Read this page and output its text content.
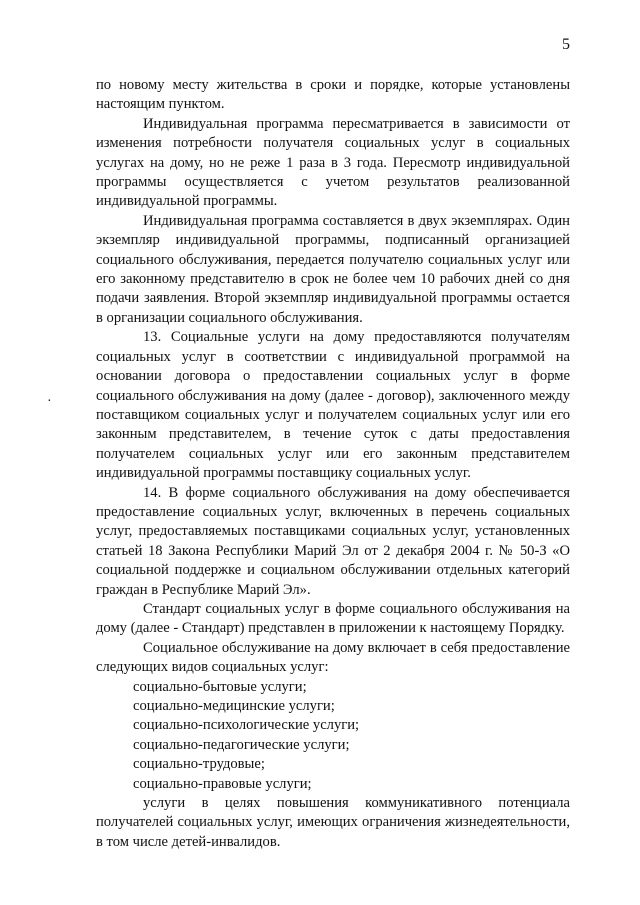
5
·

по новому месту жительства в сроки и порядке, которые установлены настоящим пунктом.

Индивидуальная программа пересматривается в зависимости от изменения потребности получателя социальных услуг в социальных услугах на дому, но не реже 1 раза в 3 года. Пересмотр индивидуальной программы осуществляется с учетом результатов реализованной индивидуальной программы.

Индивидуальная программа составляется в двух экземплярах. Один экземпляр индивидуальной программы, подписанный организацией социального обслуживания, передается получателю социальных услуг или его законному представителю в срок не более чем 10 рабочих дней со дня подачи заявления. Второй экземпляр индивидуальной программы остается в организации социального обслуживания.

13. Социальные услуги на дому предоставляются получателям социальных услуг в соответствии с индивидуальной программой на основании договора о предоставлении социальных услуг в форме социального обслуживания на дому (далее - договор), заключенного между поставщиком социальных услуг и получателем социальных услуг или его законным представителем, в течение суток с даты предоставления получателем социальных услуг или его законным представителем индивидуальной программы поставщику социальных услуг.

14. В форме социального обслуживания на дому обеспечивается предоставление социальных услуг, включенных в перечень социальных услуг, предоставляемых поставщиками социальных услуг, установленных статьей 18 Закона Республики Марий Эл от 2 декабря 2004 г. № 50-З «О социальной поддержке и социальном обслуживании отдельных категорий граждан в Республике Марий Эл».

Стандарт социальных услуг в форме социального обслуживания на дому (далее - Стандарт) представлен в приложении к настоящему Порядку.

Социальное обслуживание на дому включает в себя предоставление следующих видов социальных услуг:

социально-бытовые услуги;
социально-медицинские услуги;
социально-психологические услуги;
социально-педагогические услуги;
социально-трудовые;
социально-правовые услуги;

услуги в целях повышения коммуникативного потенциала получателей социальных услуг, имеющих ограничения жизнедеятельности, в том числе детей-инвалидов.
